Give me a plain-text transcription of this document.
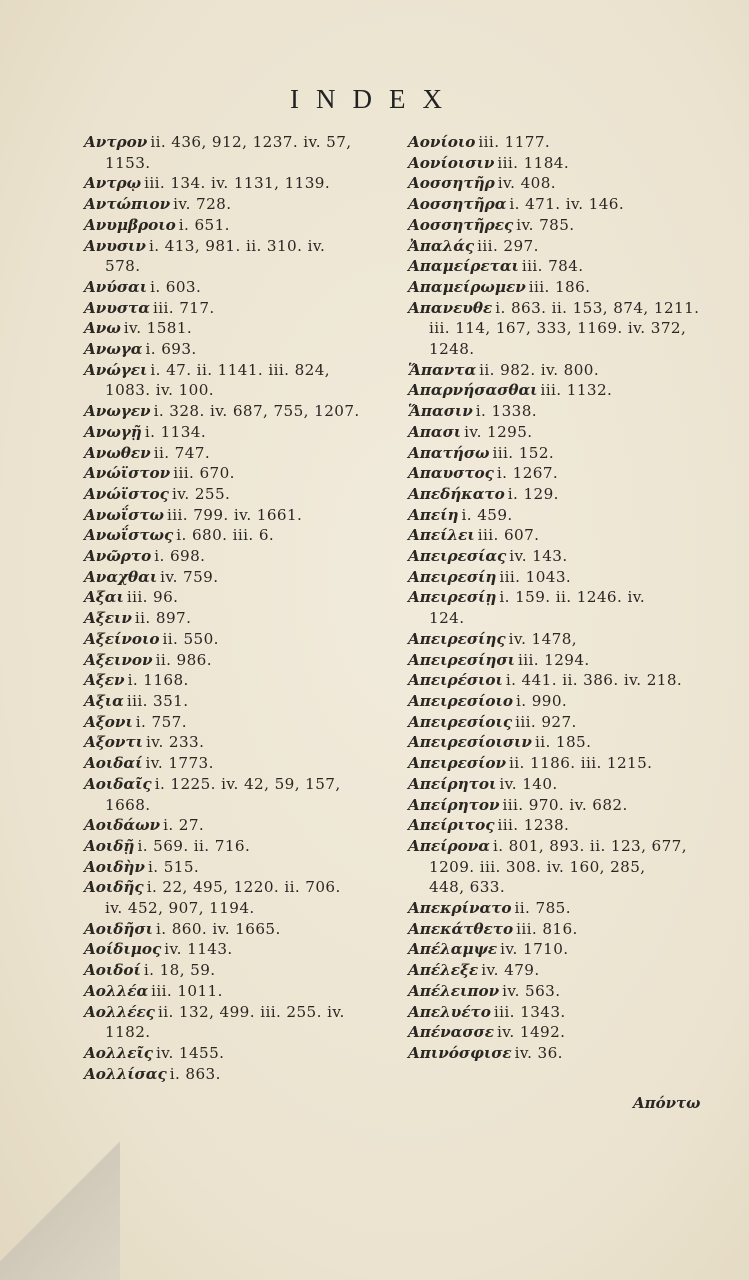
INDEX
Αντρον ii. 436, 912, 1237. iv. 57,
1153.
Αντρῳ iii. 134. iv. 1131, 1139.
Αντώπιον iv. 728.
Ανυμβροιο i. 651.
Ανυσιν i. 413, 981. ii. 310. iv.
578.
Ανύσαι i. 603.
Ανυστα iii. 717.
Ανω iv. 1581.
Ανωγα i. 693.
Ανώγει i. 47. ii. 1141. iii. 824,
1083. iv. 100.
Ανωγεν i. 328. iv. 687, 755, 1207.
Ανωγῇ i. 1134.
Ανωθεν ii. 747.
Ανώϊστον iii. 670.
Ανώϊστος iv. 255.
Ανωΐστω iii. 799. iv. 1661.
Ανωΐστως i. 680. iii. 6.
Ανῶρτο i. 698.
Αναχθαι iv. 759.
Αξαι iii. 96.
Αξειν ii. 897.
Αξείνοιο ii. 550.
Αξεινον ii. 986.
Αξεν i. 1168.
Αξια iii. 351.
Αξονι i. 757.
Αξοντι iv. 233.
Αοιδαί iv. 1773.
Αοιδαῖς i. 1225. iv. 42, 59, 157,
1668.
Αοιδάων i. 27.
Αοιδῇ i. 569. ii. 716.
Αοιδὴν i. 515.
Αοιδῆς i. 22, 495, 1220. ii. 706.
iv. 452, 907, 1194.
Αοιδῆσι i. 860. iv. 1665.
Αοίδιμος iv. 1143.
Αοιδοί i. 18, 59.
Αολλέα iii. 1011.
Αολλέες ii. 132, 499. iii. 255. iv.
1182.
Αολλεῖς iv. 1455.
Αολλίσας i. 863.
Αονίοιο iii. 1177.
Αονίοισιν iii. 1184.
Αοσσητῆρ iv. 408.
Αοσσητῆρα i. 471. iv. 146.
Αοσσητῆρες iv. 785.
Ἀπαλάς iii. 297.
Απαμείρεται iii. 784.
Απαμείρωμεν iii. 186.
Απανευθε i. 863. ii. 153, 874, 1211.
iii. 114, 167, 333, 1169. iv. 372,
1248.
Ἅπαντα ii. 982. iv. 800.
Απαρνήσασθαι iii. 1132.
Ἅπασιν i. 1338.
Απασι iv. 1295.
Απατήσω iii. 152.
Απαυστος i. 1267.
Απεδήκατο i. 129.
Απείη i. 459.
Απείλει iii. 607.
Απειρεσίας iv. 143.
Απειρεσίη iii. 1043.
Απειρεσίῃ i. 159. ii. 1246. iv.
124.
Απειρεσίης iv. 1478,
Απειρεσίησι iii. 1294.
Απειρέσιοι i. 441. ii. 386. iv. 218.
Απειρεσίοιο i. 990.
Απειρεσίοις iii. 927.
Απειρεσίοισιν ii. 185.
Απειρεσίον ii. 1186. iii. 1215.
Απείρητοι iv. 140.
Απείρητον iii. 970. iv. 682.
Απείριτος iii. 1238.
Απείρονα i. 801, 893. ii. 123, 677,
1209. iii. 308. iv. 160, 285,
448, 633.
Απεκρίνατο ii. 785.
Απεκάτθετο iii. 816.
Απέλαμψε iv. 1710.
Απέλεξε iv. 479.
Απέλειπον iv. 563.
Απελυέτο iii. 1343.
Απένασσε iv. 1492.
Απινόσφισε iv. 36.
Απόντω
